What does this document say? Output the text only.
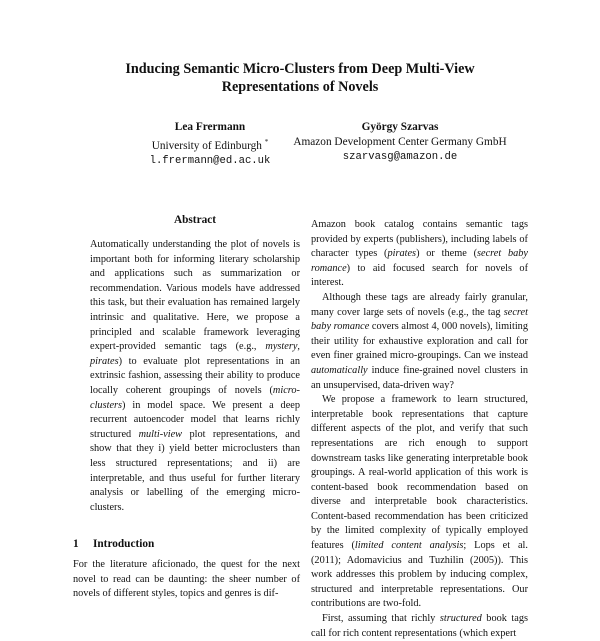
Inducing Semantic Micro-Clusters from Deep Multi-View
Representations of Novels
Lea Frermann
University of Edinburgh *
l.frermann@ed.ac.uk
György Szarvas
Amazon Development Center Germany GmbH
szarvasg@amazon.de
Abstract

Automatically understanding the plot of novels is important both for informing literary scholarship and applications such as summarization or recommendation. Various models have addressed this task, but their evaluation has remained largely intrinsic and qualitative. Here, we propose a principled and scalable framework leveraging expert-provided semantic tags (e.g., mystery, pirates) to evaluate plot representations in an extrinsic fashion, assessing their ability to produce locally coherent groupings of novels (micro-clusters) in model space. We present a deep recurrent autoencoder model that learns richly structured multi-view plot representations, and show that they i) yield better microclusters than less structured representations; and ii) are interpretable, and thus useful for further literary analysis or labelling of the emerging micro-clusters.

1 Introduction

For the literature aficionado, the quest for the next novel to read can be daunting: the sheer number of novels of different styles, topics and genres is dif-

Amazon book catalog contains semantic tags provided by experts (publishers), including labels of character types (pirates) or theme (secret baby romance) to aid focused search for novels of interest.

Although these tags are already fairly granular, many cover large sets of novels (e.g., the tag secret baby romance covers almost 4, 000 novels), limiting their utility for exhaustive exploration and call for even finer grained micro-groupings. Can we instead automatically induce fine-grained novel clusters in an unsupervised, data-driven way?

We propose a framework to learn structured, interpretable book representations that capture different aspects of the plot, and verify that such representations are rich enough to support downstream tasks like generating interpretable book groupings. A real-world application of this work is content-based book recommendation based on diverse and interpretable book characteristics. Content-based recommendation has been criticized by the limited complexity of typically employed features (limited content analysis; Lops et al. (2011); Adomavicius and Tuzhilin (2005)). This work addresses this problem by inducing complex, structured and interpretable representations. Our contributions are two-fold.

First, assuming that richly structured book tags call for rich content representations (which expert
